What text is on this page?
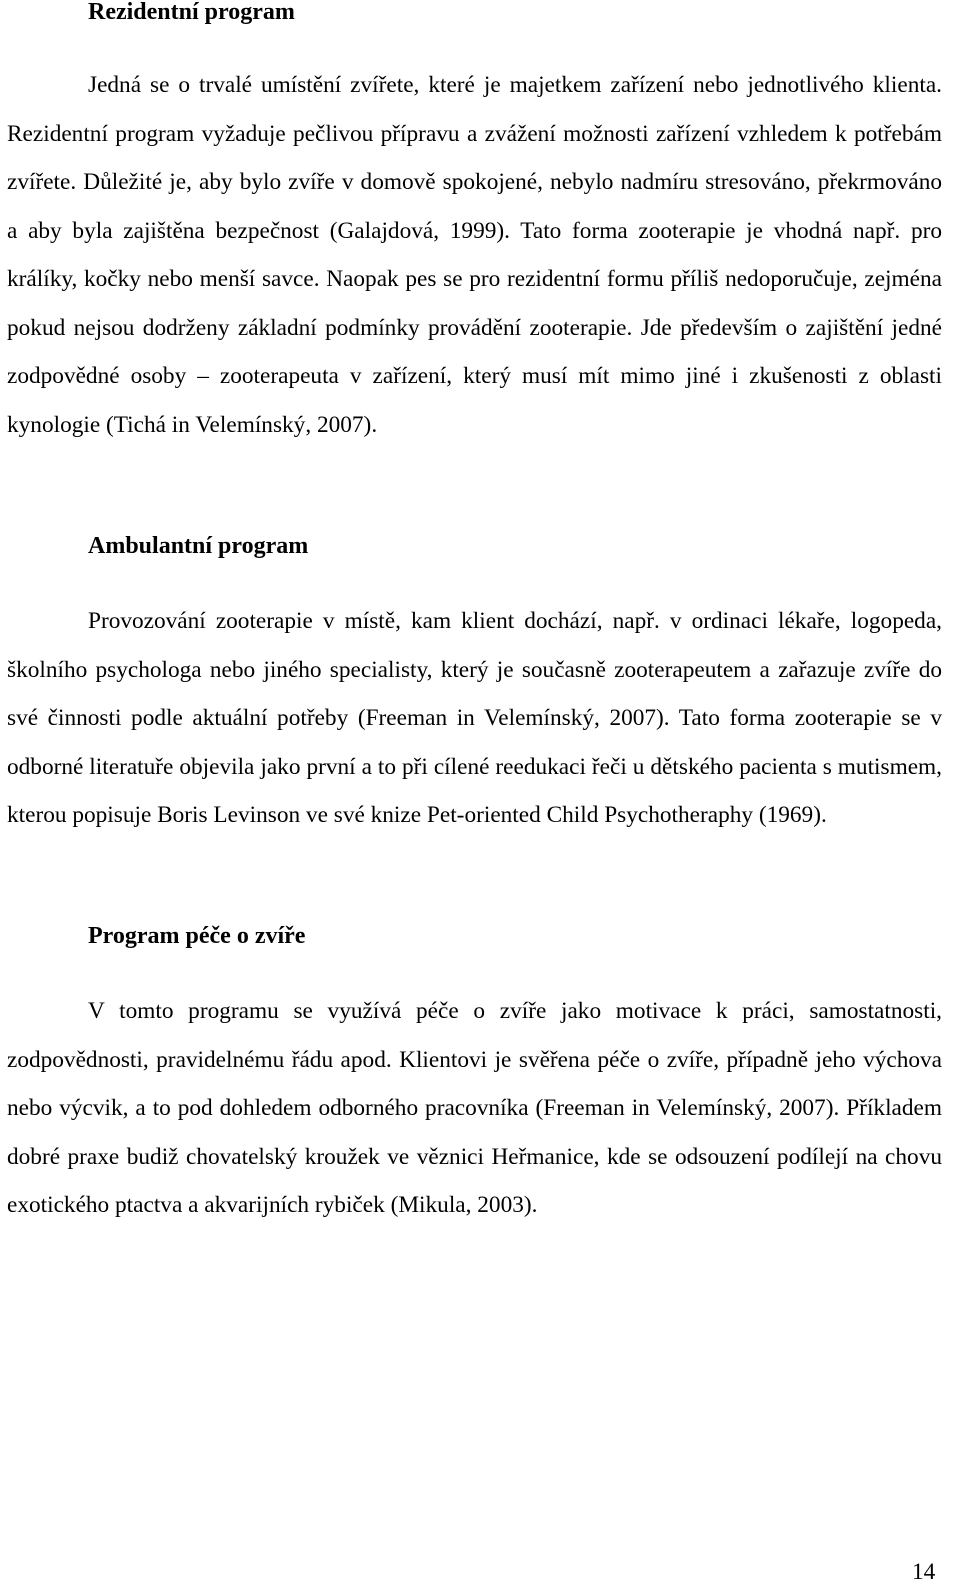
Rezidentní program

Jedná se o trvalé umístění zvířete, které je majetkem zařízení nebo jednotlivého klienta. Rezidentní program vyžaduje pečlivou přípravu a zvážení možnosti zařízení vzhledem k potřebám zvířete. Důležité je, aby bylo zvíře v domově spokojené, nebylo nadmíru stresováno, překrmováno a aby byla zajištěna bezpečnost (Galajdová, 1999). Tato forma zooterapie je vhodná např. pro králíky, kočky nebo menší savce. Naopak pes se pro rezidentní formu příliš nedoporučuje, zejména pokud nejsou dodrženy základní podmínky provádění zooterapie. Jde především o zajištění jedné zodpovědné osoby – zooterapeuta v zařízení, který musí mít mimo jiné i zkušenosti z oblasti kynologie (Tichá in Velemínský, 2007).

Ambulantní program

Provozování zooterapie v místě, kam klient dochází, např. v ordinaci lékaře, logopeda, školního psychologa nebo jiného specialisty, který je současně zooterapeutem a zařazuje zvíře do své činnosti podle aktuální potřeby (Freeman in Velemínský, 2007). Tato forma zooterapie se v odborné literatuře objevila jako první a to při cílené reedukaci řeči u dětského pacienta s mutismem, kterou popisuje Boris Levinson ve své knize Pet-oriented Child Psychotheraphy (1969).

Program péče o zvíře

V tomto programu se využívá péče o zvíře jako motivace k práci, samostatnosti, zodpovědnosti, pravidelnému řádu apod. Klientovi je svěřena péče o zvíře, případně jeho výchova nebo výcvik, a to pod dohledem odborného pracovníka (Freeman in Velemínský, 2007). Příkladem dobré praxe budiž chovatelský kroužek ve věznici Heřmanice, kde se odsouzení podílejí na chovu exotického ptactva a akvarijních rybiček (Mikula, 2003).

14
